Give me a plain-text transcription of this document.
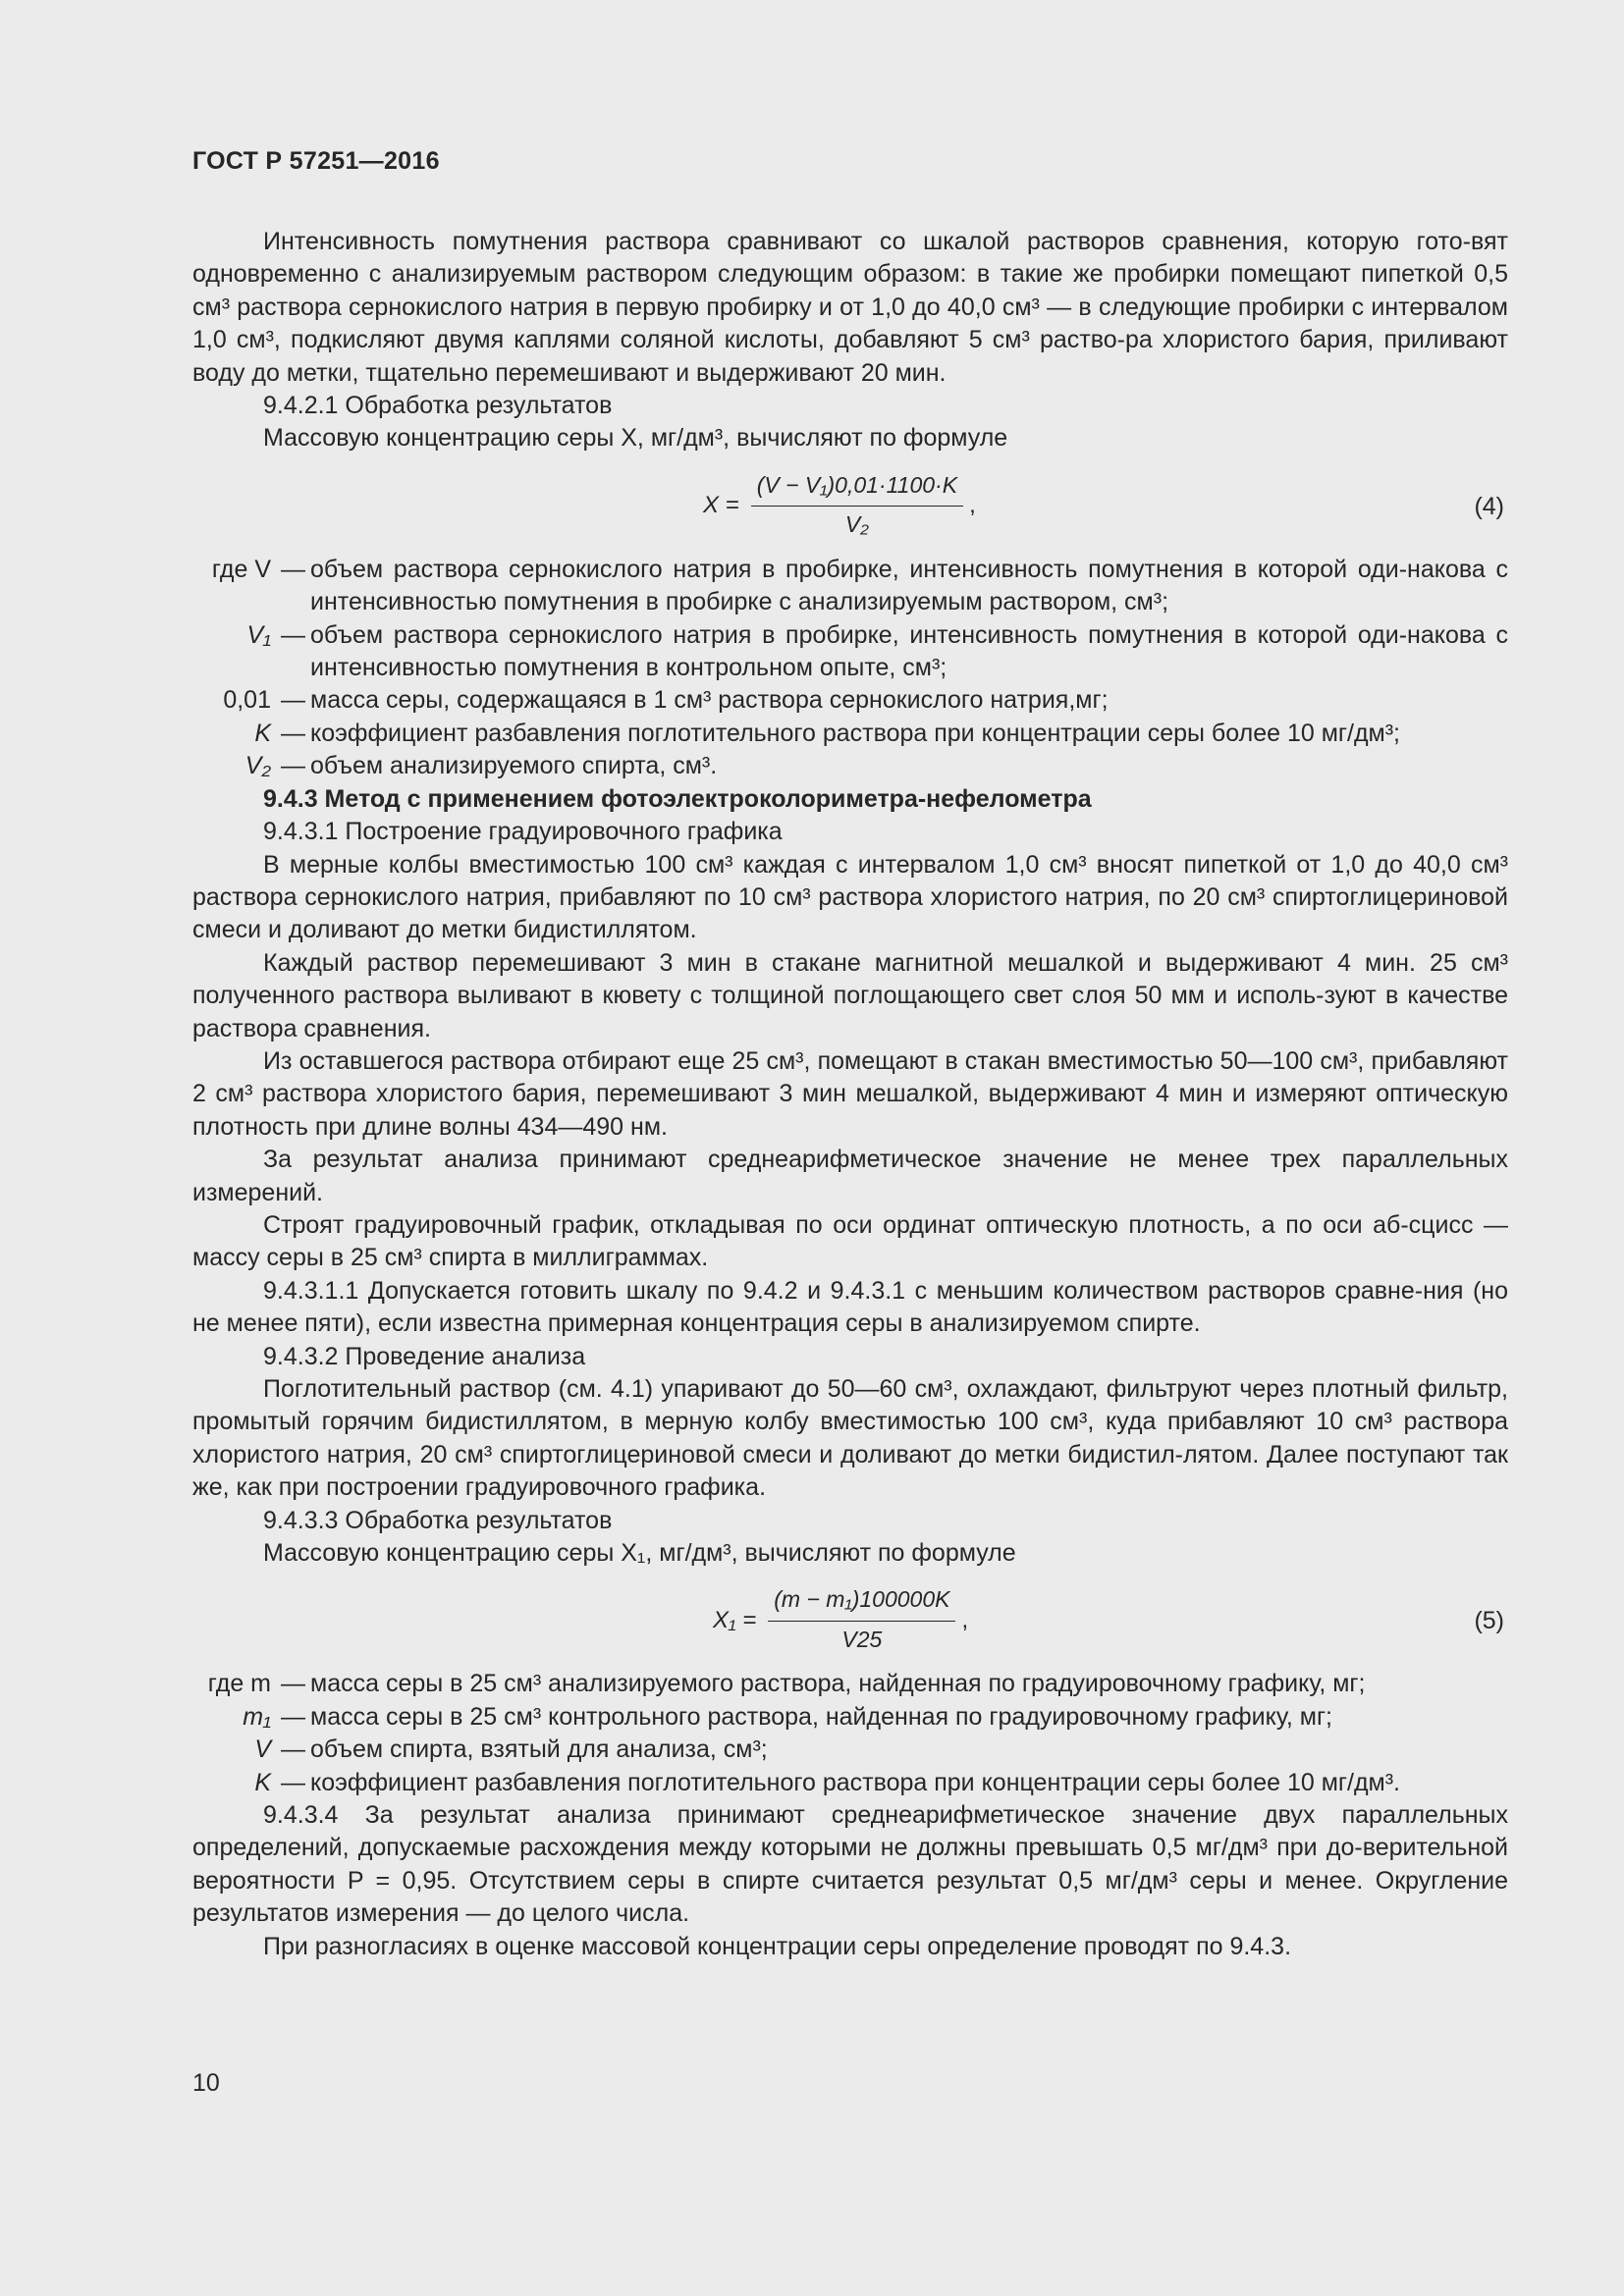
ГОСТ Р 57251—2016

Интенсивность помутнения раствора сравнивают со шкалой растворов сравнения, которую гото-вят одновременно с анализируемым раствором следующим образом: в такие же пробирки помещают пипеткой 0,5 см³ раствора сернокислого натрия в первую пробирку и от 1,0 до 40,0 см³ — в следующие пробирки с интервалом 1,0 см³, подкисляют двумя каплями соляной кислоты, добавляют 5 см³ раство-ра хлористого бария, приливают воду до метки, тщательно перемешивают и выдерживают 20 мин.

9.4.2.1 Обработка результатов

Массовую концентрацию серы X, мг/дм³, вычисляют по формуле

$X = \frac{\text{(V − V₁)0,01·1100·K}}{\text{V₂}}$ ,	(4)
где V — объем раствора сернокислого натрия в пробирке, интенсивность помутнения в которой оди-накова с интенсивностью помутнения в пробирке с анализируемым раствором, см³;
V₁ — объем раствора сернокислого натрия в пробирке, интенсивность помутнения в которой оди-накова с интенсивностью помутнения в контрольном опыте, см³;
0,01 — масса серы, содержащаяся в 1 см³ раствора сернокислого натрия,мг;
K — коэффициент разбавления поглотительного раствора при концентрации серы более 10 мг/дм³;
V₂ — объем анализируемого спирта, см³.

9.4.3 Метод с применением фотоэлектроколориметра-нефелометра

9.4.3.1 Построение градуировочного графика

В мерные колбы вместимостью 100 см³ каждая с интервалом 1,0 см³ вносят пипеткой от 1,0 до 40,0 см³ раствора сернокислого натрия, прибавляют по 10 см³ раствора хлористого натрия, по 20 см³ спиртоглицериновой смеси и доливают до метки бидистиллятом.

Каждый раствор перемешивают 3 мин в стакане магнитной мешалкой и выдерживают 4 мин. 25 см³ полученного раствора выливают в кювету с толщиной поглощающего свет слоя 50 мм и исполь-зуют в качестве раствора сравнения.

Из оставшегося раствора отбирают еще 25 см³, помещают в стакан вместимостью 50—100 см³, прибавляют 2 см³ раствора хлористого бария, перемешивают 3 мин мешалкой, выдерживают 4 мин и измеряют оптическую плотность при длине волны 434—490 нм.

За результат анализа принимают среднеарифметическое значение не менее трех параллельных измерений.

Строят градуировочный график, откладывая по оси ординат оптическую плотность, а по оси аб-сцисс — массу серы в 25 см³ спирта в миллиграммах.

9.4.3.1.1 Допускается готовить шкалу по 9.4.2 и 9.4.3.1 с меньшим количеством растворов сравне-ния (но не менее пяти), если известна примерная концентрация серы в анализируемом спирте.

9.4.3.2 Проведение анализа

Поглотительный раствор (см. 4.1) упаривают до 50—60 см³, охлаждают, фильтруют через плотный фильтр, промытый горячим бидистиллятом, в мерную колбу вместимостью 100 см³, куда прибавляют 10 см³ раствора хлористого натрия, 20 см³ спиртоглицериновой смеси и доливают до метки бидистил-лятом. Далее поступают так же, как при построении градуировочного графика.

9.4.3.3 Обработка результатов

Массовую концентрацию серы X₁, мг/дм³, вычисляют по формуле

$X_1 = \frac{\text{(m − m₁)100000K}}{V25}$ ,	(5)
где m — масса серы в 25 см³ анализируемого раствора, найденная по градуировочному графику, мг;
m₁ — масса серы в 25 см³ контрольного раствора, найденная по градуировочному графику, мг;
V — объем спирта, взятый для анализа, см³;
K — коэффициент разбавления поглотительного раствора при концентрации серы более 10 мг/дм³.

9.4.3.4 За результат анализа принимают среднеарифметическое значение двух параллельных определений, допускаемые расхождения между которыми не должны превышать 0,5 мг/дм³ при до-верительной вероятности P = 0,95. Отсутствием серы в спирте считается результат 0,5 мг/дм³ серы и менее. Округление результатов измерения — до целого числа.

При разногласиях в оценке массовой концентрации серы определение проводят по 9.4.3.

10
